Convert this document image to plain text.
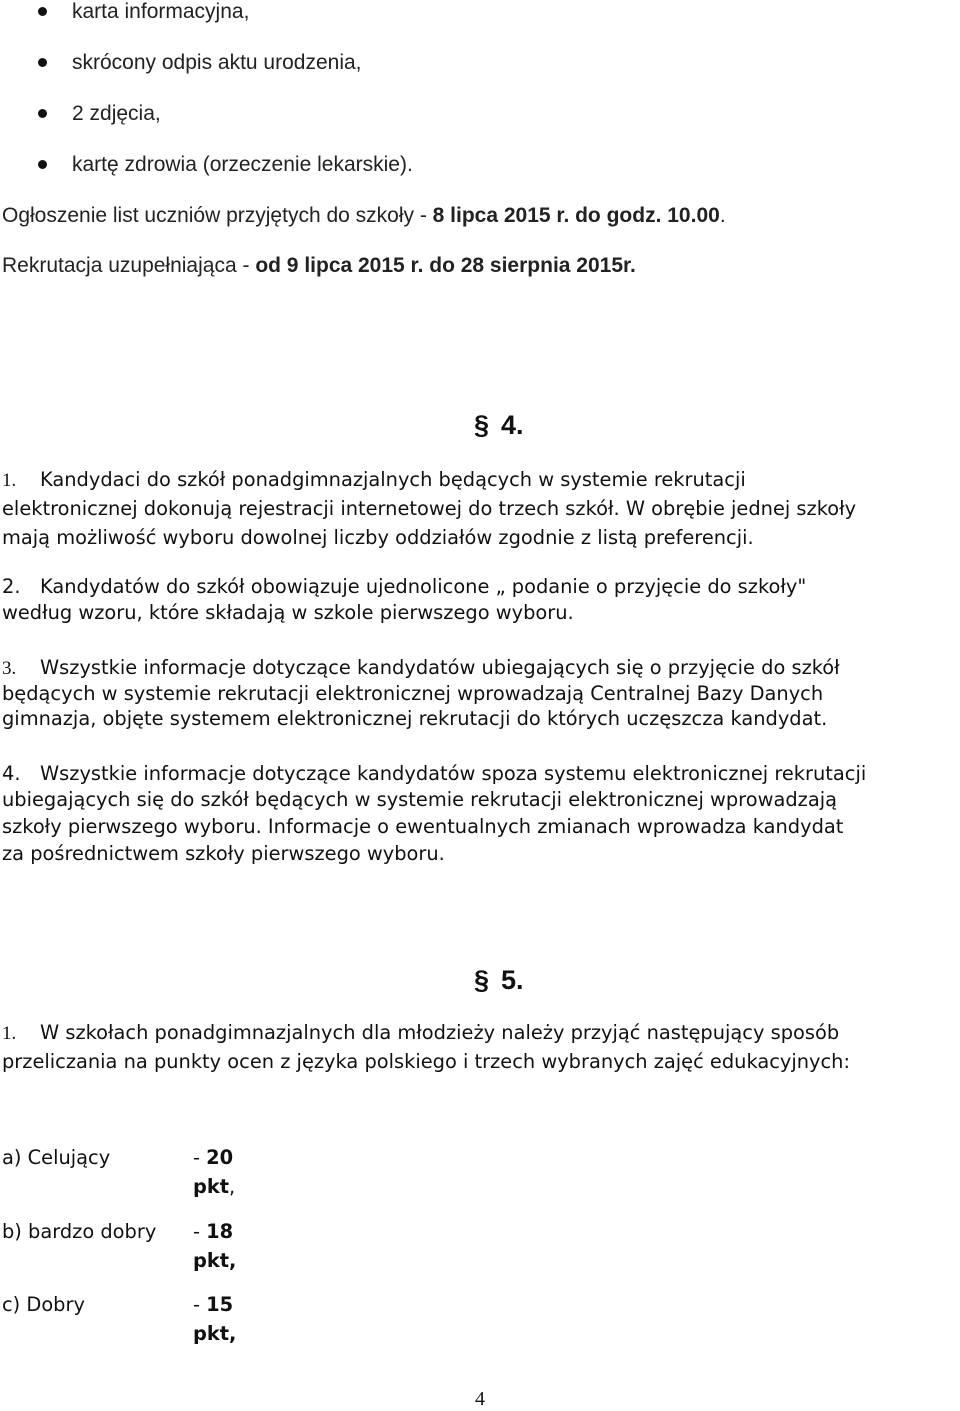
karta informacyjna,
skrócony odpis aktu urodzenia,
2 zdjęcia,
kartę zdrowia (orzeczenie lekarskie).
Ogłoszenie list uczniów przyjętych do szkoły - 8 lipca 2015 r. do godz. 10.00.
Rekrutacja uzupełniająca - od 9 lipca 2015 r. do 28 sierpnia 2015r.
§ 4.
1. Kandydaci do szkół ponadgimnazjalnych będących w systemie rekrutacji
elektronicznej dokonują rejestracji internetowej do trzech szkół. W obrębie jednej szkoły
mają możliwość wyboru dowolnej liczby oddziałów zgodnie z listą preferencji.
2. Kandydatów do szkół obowiązuje ujednolicone „ podanie o przyjęcie do szkoły"
według wzoru, które składają w szkole pierwszego wyboru.
3. Wszystkie informacje dotyczące kandydatów ubiegających się o przyjęcie do szkół
będących w systemie rekrutacji elektronicznej wprowadzają Centralnej Bazy Danych
gimnazja, objęte systemem elektronicznej rekrutacji do których uczęszcza kandydat.
4. Wszystkie informacje dotyczące kandydatów spoza systemu elektronicznej rekrutacji
ubiegających się do szkół będących w systemie rekrutacji elektronicznej wprowadzają
szkoły pierwszego wyboru. Informacje o ewentualnych zmianach wprowadza kandydat
za pośrednictwem szkoły pierwszego wyboru.
§ 5.
1. W szkołach ponadgimnazjalnych dla młodzieży należy przyjąć następujący sposób
przeliczania na punkty ocen z języka polskiego i trzech wybranych zajęć edukacyjnych:
a) Celujący	- 20
pkt,
b) bardzo dobry - 18
pkt,
c) Dobry	- 15
pkt,
4
